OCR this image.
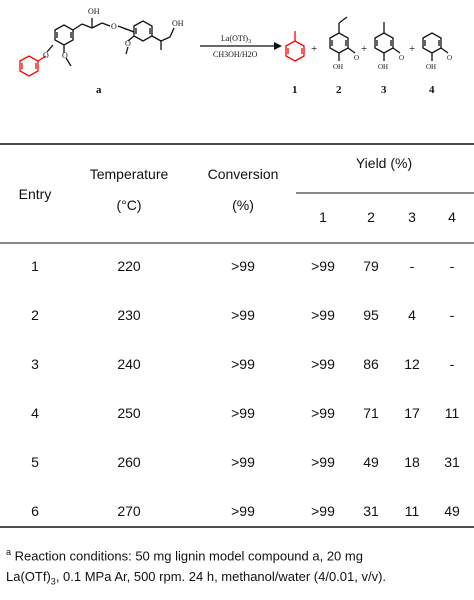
O O
O
O
OH
OH
a
$La(OTf)_3$
CH3OH/H2O
OH
O
OH
O
OH
O
+	+	+
1	2	3	4
Entry
Temperature
(°C)
Conversion
(%)
Yield (%)
1	2 3 4
1	220	>99	>99 79 -	-
2	230	>99	>99 95 4 -
3	240	>99	>99 86 12 -
4	250	>99	>99 71 17 11
5	260	>99	>99 49 18 31
6	270	>99	>99 31 11 49
$^a$ Reaction conditions: 50 mg lignin model compound a, 20 mg
$La(OTf)_3$, 0.1 MPa Ar, 500 rpm. 24 h, methanol/water (4/0.01, v/v).
